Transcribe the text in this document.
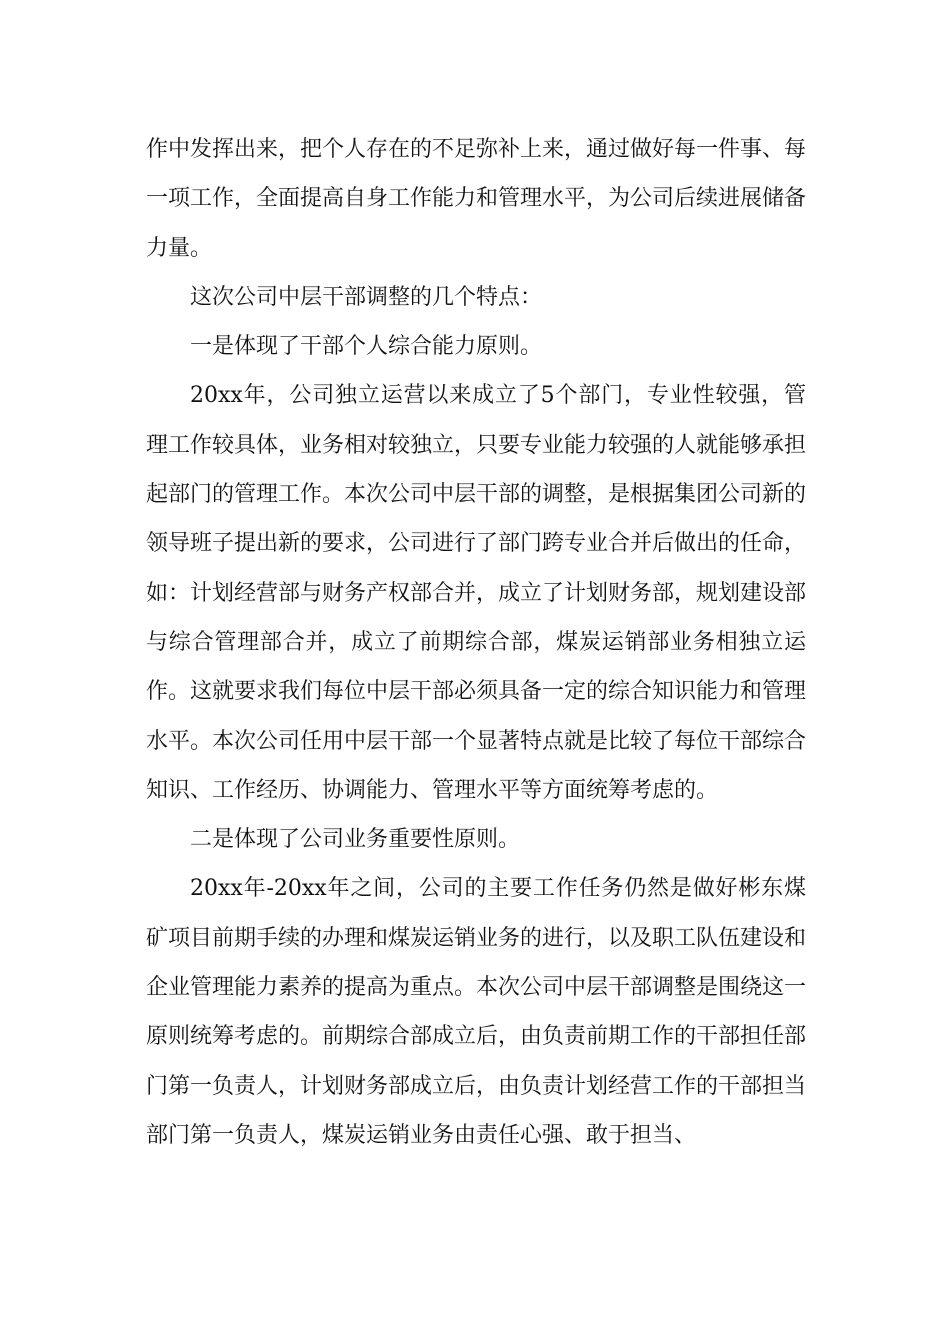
作中发挥出来，把个人存在的不足弥补上来，通过做好每一件事、每一项工作，全面提高自身工作能力和管理水平，为公司后续进展储备力量。

这次公司中层干部调整的几个特点：

一是体现了干部个人综合能力原则。

20xx年，公司独立运营以来成立了5个部门，专业性较强，管理工作较具体，业务相对较独立，只要专业能力较强的人就能够承担起部门的管理工作。本次公司中层干部的调整，是根据集团公司新的领导班子提出新的要求，公司进行了部门跨专业合并后做出的任命，如：计划经营部与财务产权部合并，成立了计划财务部，规划建设部与综合管理部合并，成立了前期综合部，煤炭运销部业务相独立运作。这就要求我们每位中层干部必须具备一定的综合知识能力和管理水平。本次公司任用中层干部一个显著特点就是比较了每位干部综合知识、工作经历、协调能力、管理水平等方面统筹考虑的。

二是体现了公司业务重要性原则。

20xx年-20xx年之间，公司的主要工作任务仍然是做好彬东煤矿项目前期手续的办理和煤炭运销业务的进行，以及职工队伍建设和企业管理能力素养的提高为重点。本次公司中层干部调整是围绕这一原则统筹考虑的。前期综合部成立后，由负责前期工作的干部担任部门第一负责人，计划财务部成立后，由负责计划经营工作的干部担当部门第一负责人，煤炭运销业务由责任心强、敢于担当、
